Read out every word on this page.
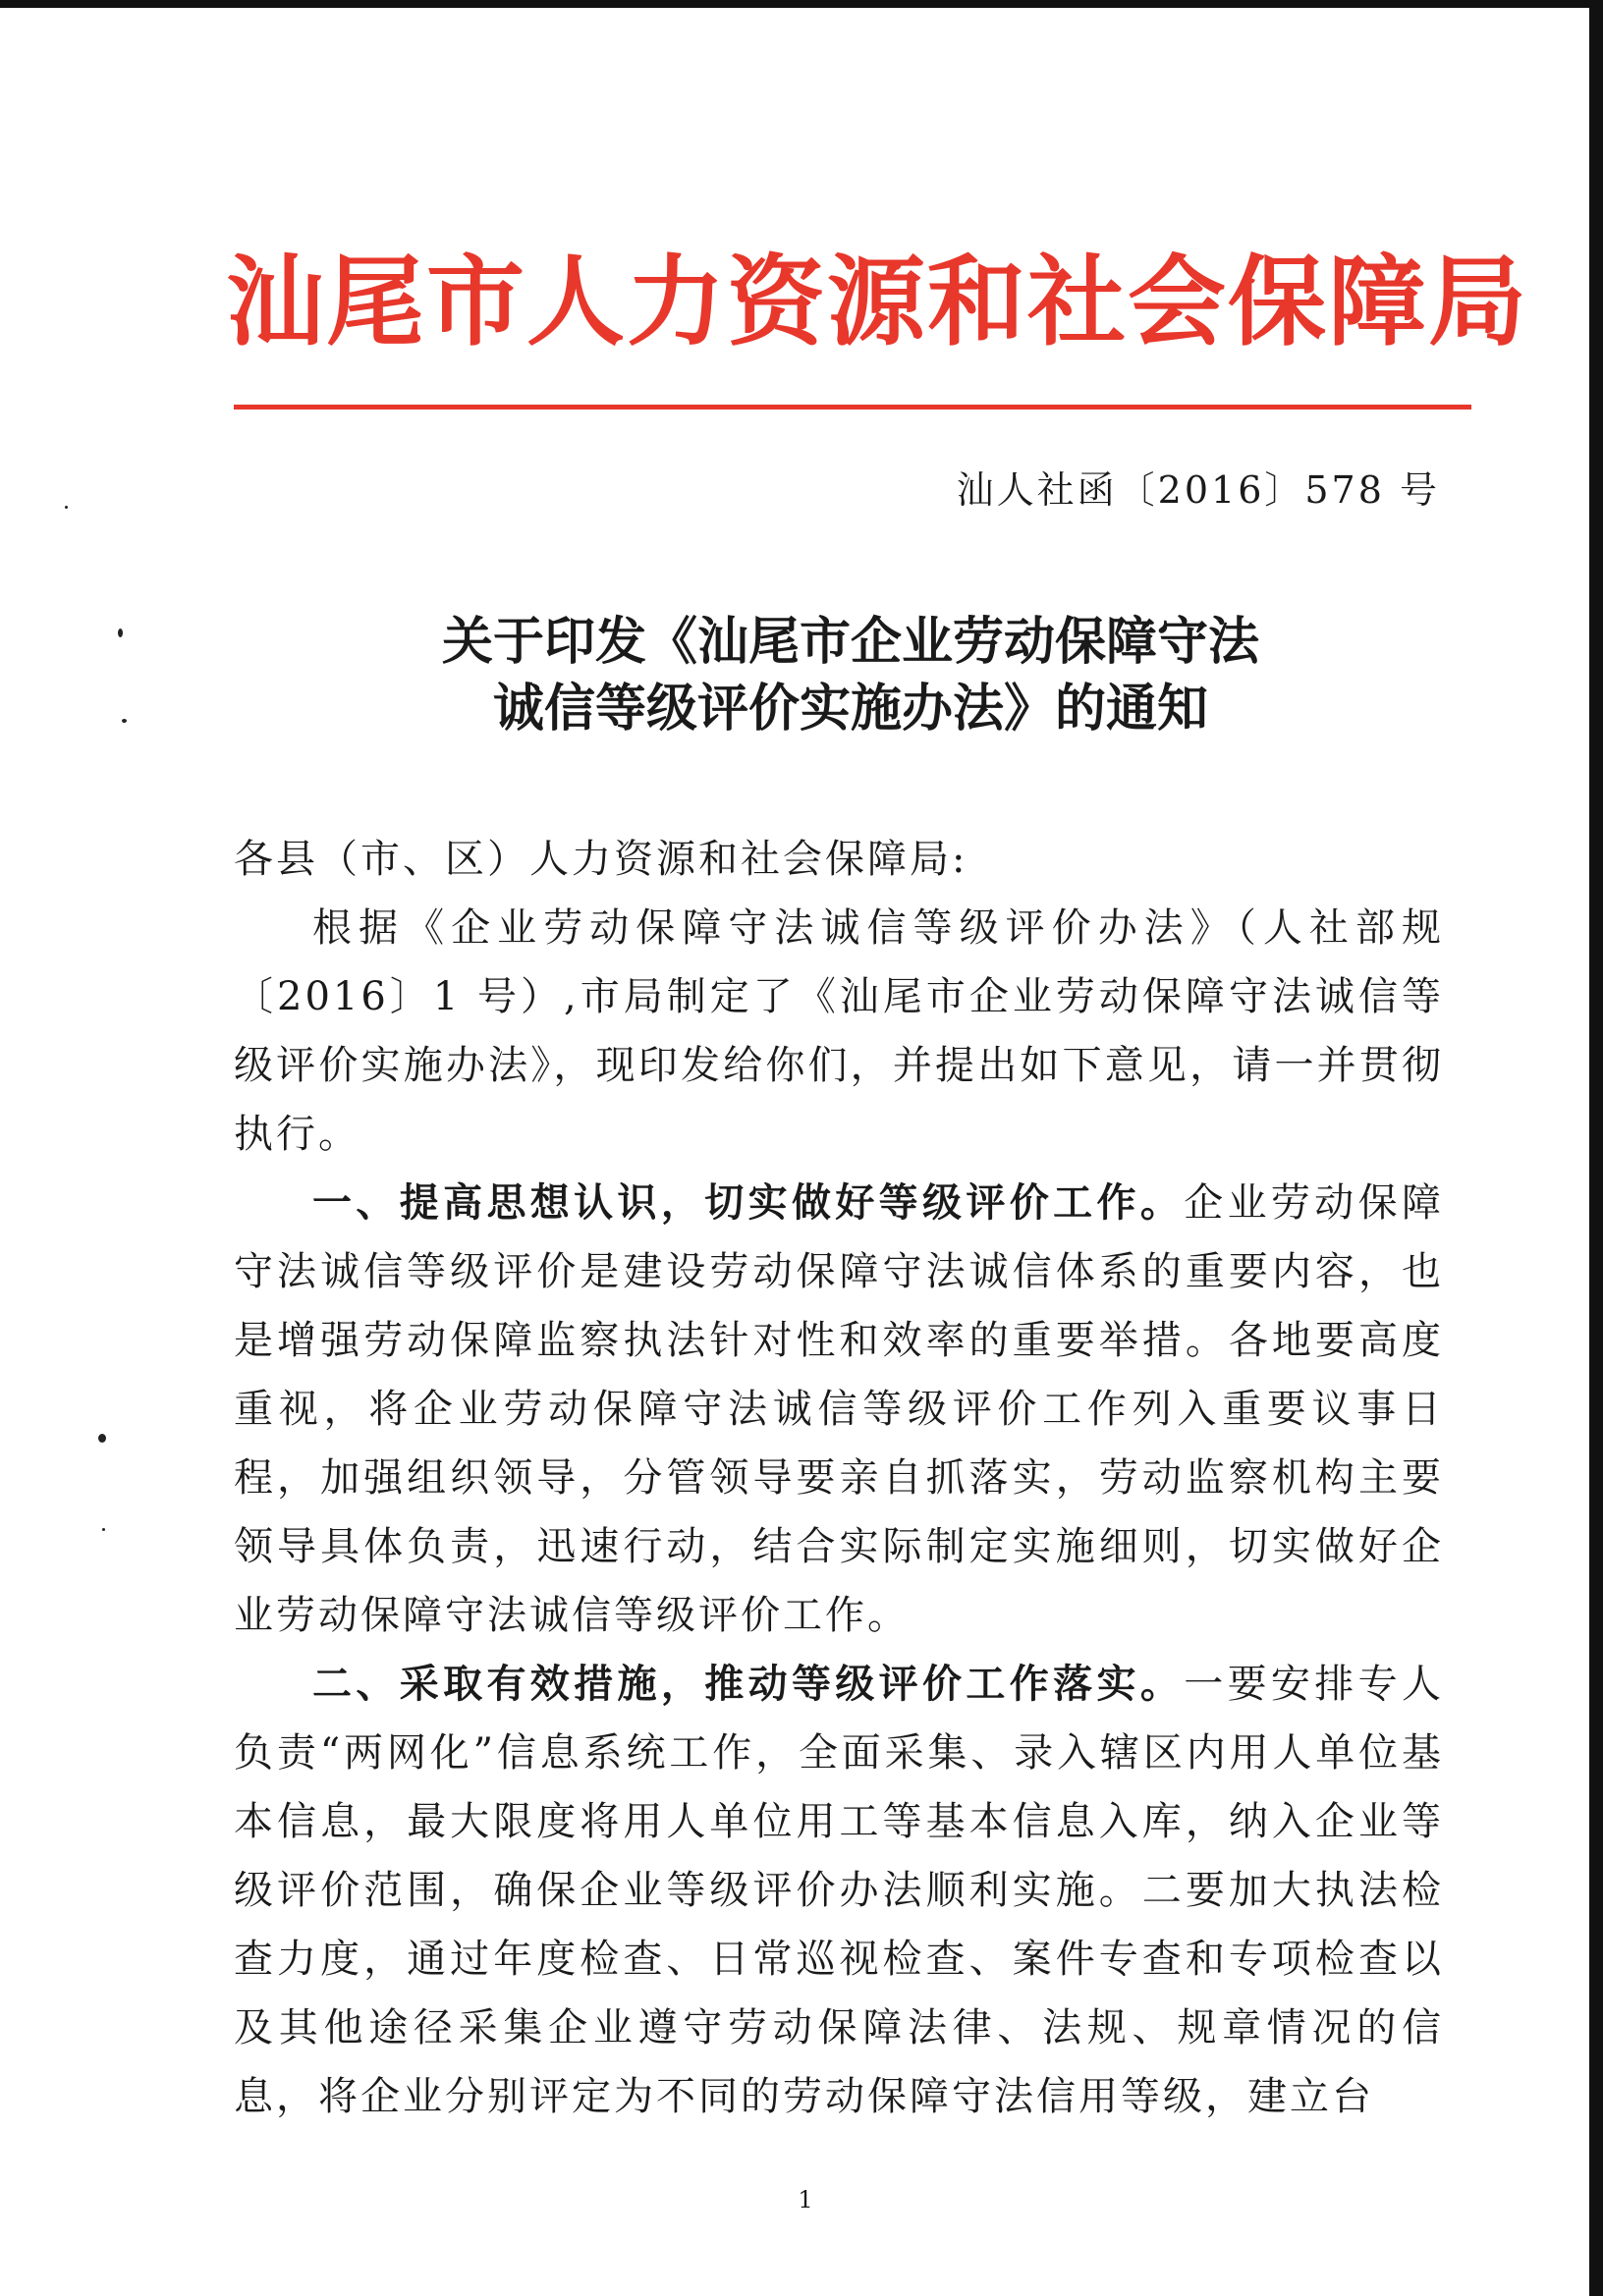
汕尾市人力资源和社会保障局
汕人社函〔2016〕578 号
关于印发《汕尾市企业劳动保障守法
诚信等级评价实施办法》的通知

各县（市、区）人力资源和社会保障局:

根据《企业劳动保障守法诚信等级评价办法》（人社部规〔2016〕1 号）,市局制定了《汕尾市企业劳动保障守法诚信等级评价实施办法》，现印发给你们，并提出如下意见，请一并贯彻执行。

一、提高思想认识，切实做好等级评价工作。企业劳动保障守法诚信等级评价是建设劳动保障守法诚信体系的重要内容，也是增强劳动保障监察执法针对性和效率的重要举措。各地要高度重视，将企业劳动保障守法诚信等级评价工作列入重要议事日程，加强组织领导，分管领导要亲自抓落实，劳动监察机构主要领导具体负责，迅速行动，结合实际制定实施细则，切实做好企业劳动保障守法诚信等级评价工作。

二、采取有效措施，推动等级评价工作落实。一要安排专人负责“两网化”信息系统工作，全面采集、录入辖区内用人单位基本信息，最大限度将用人单位用工等基本信息入库，纳入企业等级评价范围，确保企业等级评价办法顺利实施。二要加大执法检查力度，通过年度检查、日常巡视检查、案件专查和专项检查以及其他途径采集企业遵守劳动保障法律、法规、规章情况的信息，将企业分别评定为不同的劳动保障守法信用等级，建立台

1
